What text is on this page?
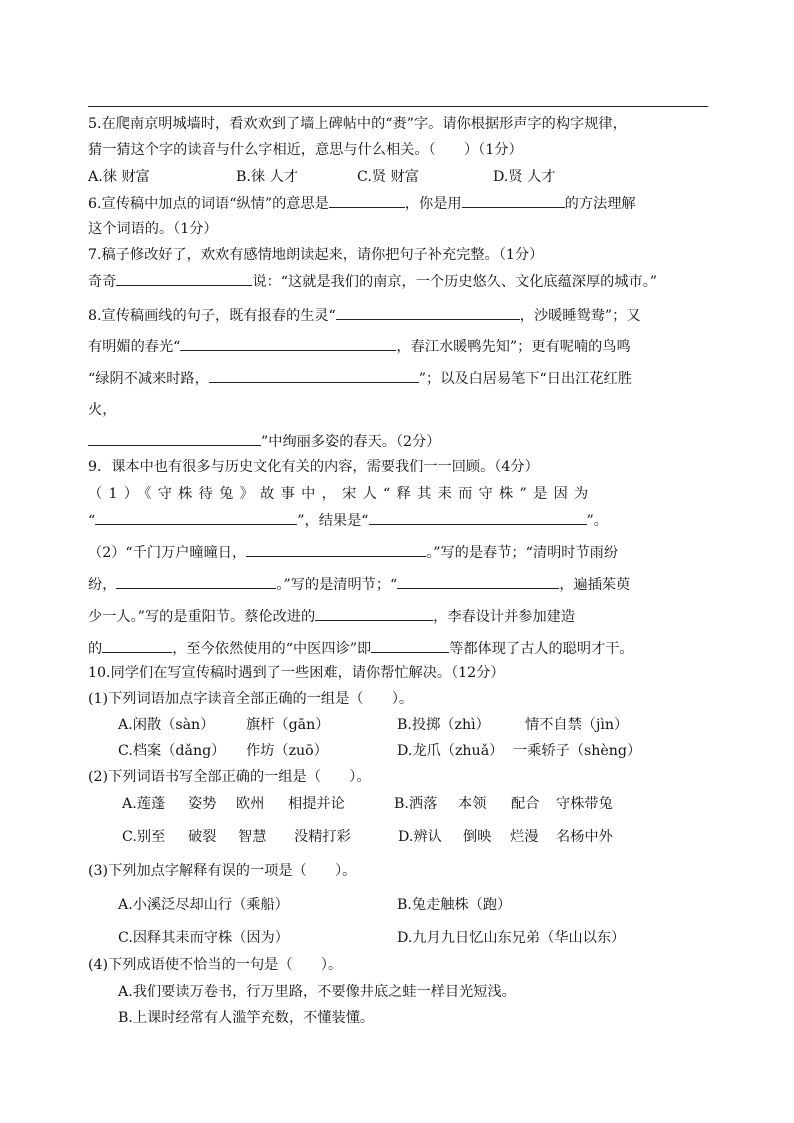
5.在爬南京明城墙时，看欢欢到了墙上碑帖中的“赉”字。请你根据形声字的构字规律，
猜一猜这个字的读音与什么字相近，意思与什么相关。（　　）（1分）
A.徕 财富	B.徕 人才	C.贤 财富	D.贤 人才
6.宣传稿中加点的词语“纵情”的意思是	，你是用	的方法理解
这个词语的。（1分）
7.稿子修改好了，欢欢有感情地朗读起来，请你把句子补充完整。（1分）
奇奇	说：“这就是我们的南京，一个历史悠久、文化底蕴深厚的城市。”
8.宣传稿画线的句子，既有报春的生灵“	，沙暖睡鸳鸯”；又
有明媚的春光“	，春江水暖鸭先知”；更有呢喃的鸟鸣
“绿阴不减来时路，	”；以及白居易笔下“日出江花红胜
火，
”中绚丽多姿的春天。（2分）
9．课本中也有很多与历史文化有关的内容，需要我们一一回顾。（4分）
（1）《守株待兔》故事中，宋人“释其耒而守株”是因为
“	”，结果是“	”。
（2）“千门万户曈曈日，	。”写的是春节；“清明时节雨纷
纷，	。”写的是清明节；“	，遍插茱萸
少一人。”写的是重阳节。蔡伦改进的	，李春设计并参加建造
的	，至今依然使用的“中医四诊”即	等都体现了古人的聪明才干。
10.同学们在写宣传稿时遇到了一些困难，请你帮忙解决。（12分）
(1)下列词语加点字读音全部正确的一组是（　　）。
A.闲散（sàn） 旗杆（gān）	B.投掷（zhì） 情不自禁（jìn）
C.档案（dǎng） 作坊（zuō）	D.龙爪（zhuǎ） 一乘轿子（shèng）
(2)下列词语书写全部正确的一组是（　　）。
A.莲蓬 姿势 欧州 相提并论	B.洒落 本领 配合 守株带兔
C.别至 破裂 智慧 没精打彩	D.辨认 倒映 烂漫 名杨中外
(3)下列加点字解释有误的一项是（　　）。
A.小溪泛尽却山行（乘船）	B.兔走触株（跑）
C.因释其耒而守株（因为）	D.九月九日忆山东兄弟（华山以东）
(4)下列成语使不恰当的一句是（　　）。
A.我们要读万卷书，行万里路，不要像井底之蛙一样目光短浅。
B.上课时经常有人滥竽充数，不懂装懂。
